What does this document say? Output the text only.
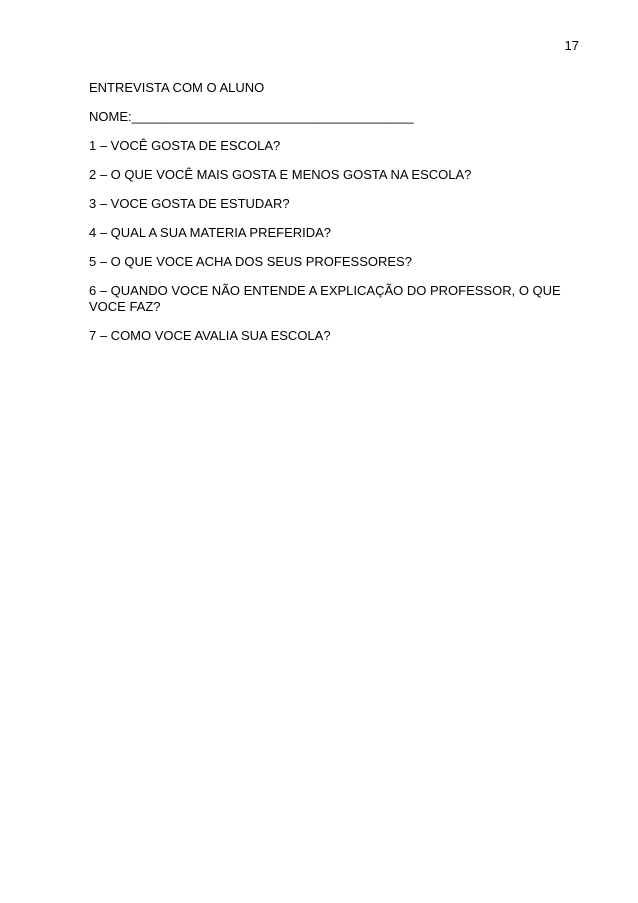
17
ENTREVISTA COM O ALUNO
NOME:_______________________________________
1 – VOCÊ GOSTA DE ESCOLA?
2 – O QUE VOCÊ MAIS GOSTA E MENOS GOSTA NA ESCOLA?
3 – VOCE GOSTA DE ESTUDAR?
4 – QUAL A SUA MATERIA PREFERIDA?
5 – O QUE VOCE ACHA DOS SEUS PROFESSORES?
6 – QUANDO VOCE NÃO ENTENDE A EXPLICAÇÃO DO PROFESSOR, O QUE VOCE FAZ?
7 – COMO VOCE AVALIA SUA ESCOLA?
